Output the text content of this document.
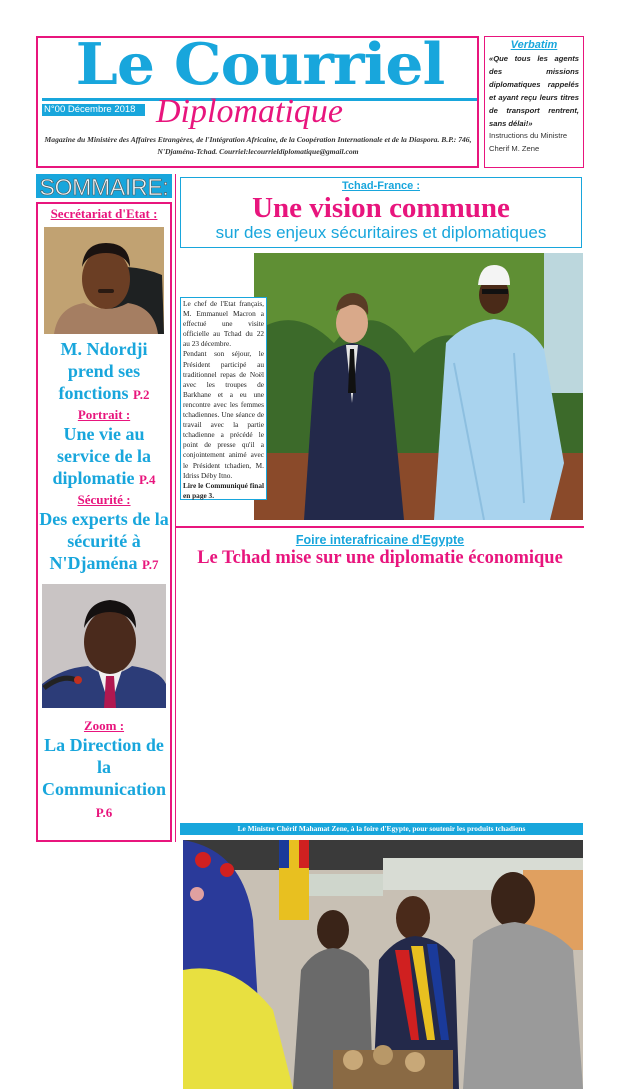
Le Courriel
N°00 Décembre 2018 Diplomatique
Magazine du Ministère des Affaires Etrangères, de l'Intégration Africaine, de la Coopération Internationale et de la Diaspora. B.P.: 746, N'Djaména-Tchad. Courriel:lecourrieldiplomatique@gmail.com
Verbatim
«Que tous les agents des missions diplomatiques rappelés et ayant reçu leurs titres de transport rentrent, sans délai!»
Instructions du Ministre Cherif M. Zene
SOMMAIRE:
Secrétariat d'Etat :
M. Ndordji prend ses fonctions P.2
Portrait :
Une vie au service de la diplomatie P.4
Sécurité :
Des experts de la sécurité à N'Djaména P.7
Zoom :
La Direction de la Communication
P.6
Tchad-France :
Une vision commune
sur des enjeux sécuritaires et diplomatiques
Le chef de l'Etat français, M. Emmanuel Macron a effectué une visite officielle au Tchad du 22 au 23 décembre.
Pendant son séjour, le Président participé au traditionnel repas de Noël avec les troupes de Barkhane et a eu une rencontre avec les femmes tchadiennes. Une séance de travail avec la partie tchadienne a précédé le point de presse qu'il a conjointement animé avec le Président tchadien, M. Idriss Déby Itno.
Lire le Communiqué final en page 3.
Foire interafricaine d'Egypte
Le Tchad mise sur une diplomatie économique
Le Ministre Chérif Mahamat Zene, à la foire d'Egypte, pour soutenir les produits tchadiens
